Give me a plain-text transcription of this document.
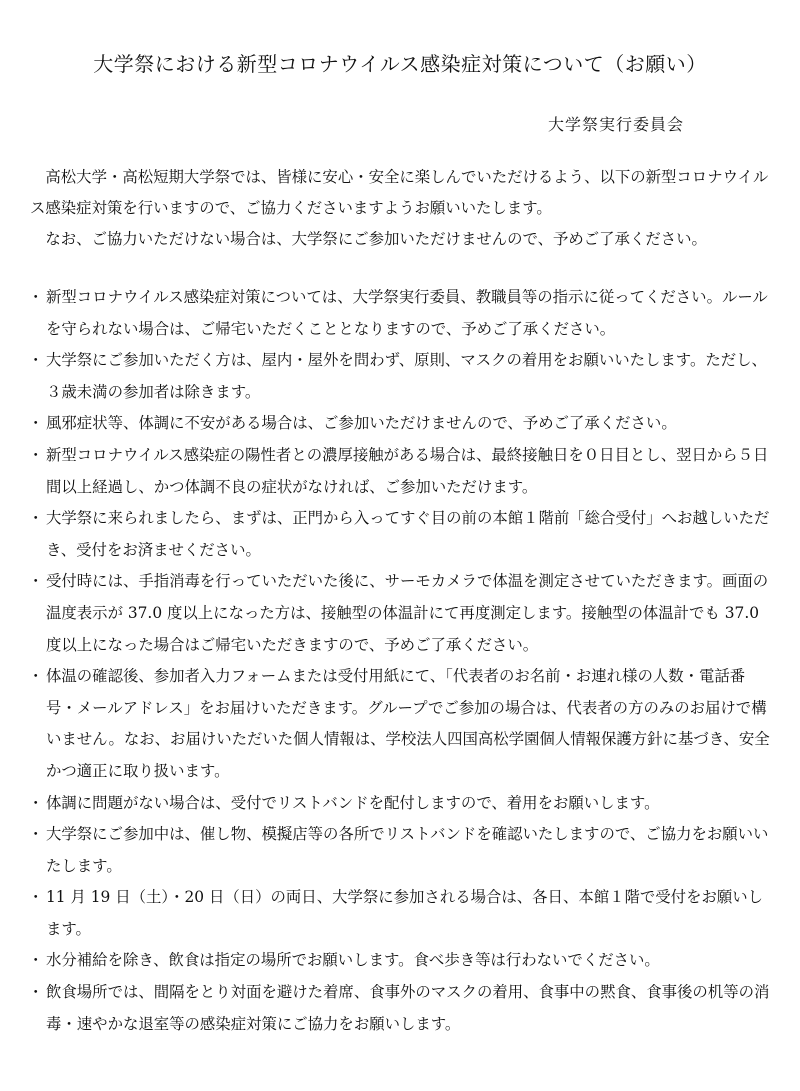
大学祭における新型コロナウイルス感染症対策について（お願い）
大学祭実行委員会

高松大学・高松短期大学祭では、皆様に安心・安全に楽しんでいただけるよう、以下の新型コロナウイルス感染症対策を行いますので、ご協力くださいますようお願いいたします。

なお、ご協力いただけない場合は、大学祭にご参加いただけませんので、予めご了承ください。

・ 新型コロナウイルス感染症対策については、大学祭実行委員、教職員等の指示に従ってください。ルールを守られない場合は、ご帰宅いただくこととなりますので、予めご了承ください。
・ 大学祭にご参加いただく方は、屋内・屋外を問わず、原則、マスクの着用をお願いいたします。ただし、３歳未満の参加者は除きます。
・ 風邪症状等、体調に不安がある場合は、ご参加いただけませんので、予めご了承ください。
・ 新型コロナウイルス感染症の陽性者との濃厚接触がある場合は、最終接触日を０日目とし、翌日から５日間以上経過し、かつ体調不良の症状がなければ、ご参加いただけます。
・ 大学祭に来られましたら、まずは、正門から入ってすぐ目の前の本館１階前「総合受付」へお越しいただき、受付をお済ませください。
・ 受付時には、手指消毒を行っていただいた後に、サーモカメラで体温を測定させていただきます。画面の温度表示が 37.0 度以上になった方は、接触型の体温計にて再度測定します。接触型の体温計でも 37.0 度以上になった場合はご帰宅いただきますので、予めご了承ください。
・ 体温の確認後、参加者入力フォームまたは受付用紙にて、「代表者のお名前・お連れ様の人数・電話番号・メールアドレス」をお届けいただきます。グループでご参加の場合は、代表者の方のみのお届けで構いません。なお、お届けいただいた個人情報は、学校法人四国高松学園個人情報保護方針に基づき、安全かつ適正に取り扱います。
・ 体調に問題がない場合は、受付でリストバンドを配付しますので、着用をお願いします。
・ 大学祭にご参加中は、催し物、模擬店等の各所でリストバンドを確認いたしますので、ご協力をお願いいたします。
・ 11 月 19 日（土）・20 日（日）の両日、大学祭に参加される場合は、各日、本館１階で受付をお願いします。
・ 水分補給を除き、飲食は指定の場所でお願いします。食べ歩き等は行わないでください。
・ 飲食場所では、間隔をとり対面を避けた着席、食事外のマスクの着用、食事中の黙食、食事後の机等の消毒・速やかな退室等の感染症対策にご協力をお願いします。
